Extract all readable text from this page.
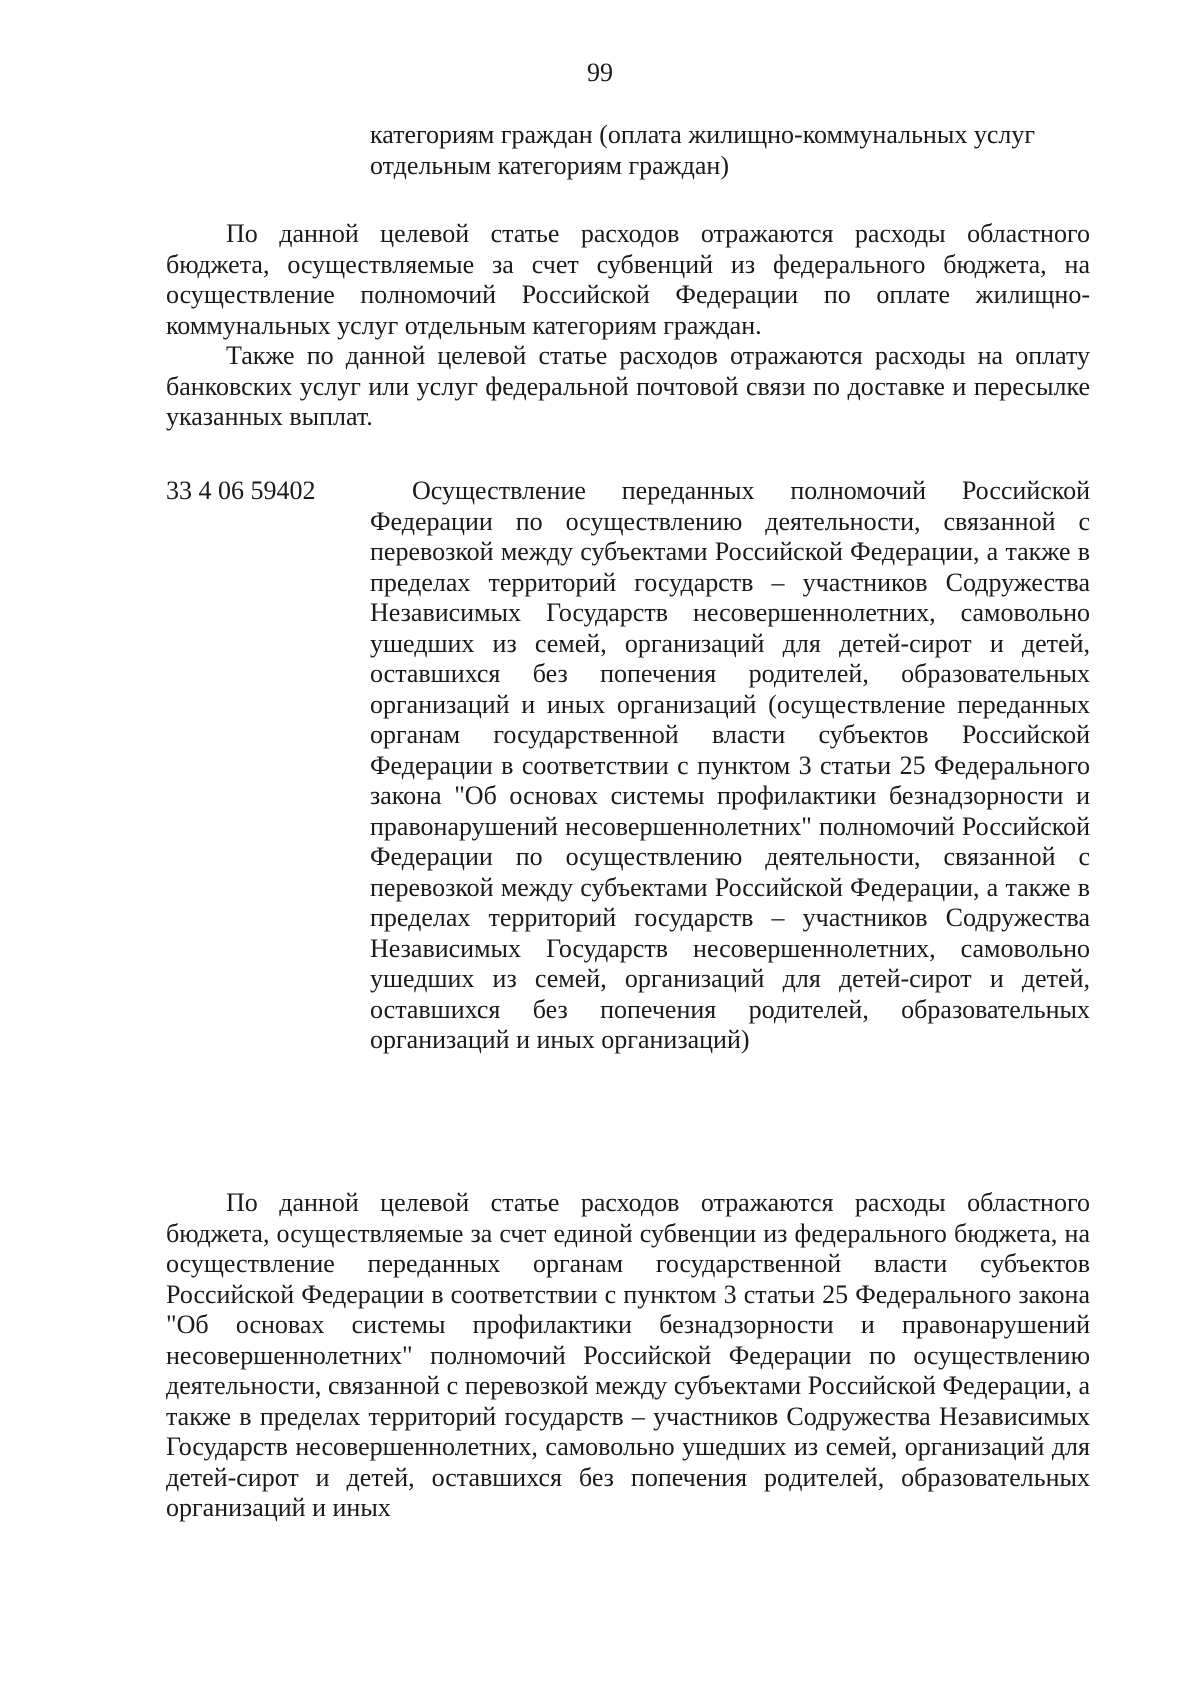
99

категориям граждан (оплата жилищно-коммунальных услуг отдельным категориям граждан)

По данной целевой статье расходов отражаются расходы областного бюджета, осуществляемые за счет субвенций из федерального бюджета, на осуществление полномочий Российской Федерации по оплате жилищно-коммунальных услуг отдельным категориям граждан.

Также по данной целевой статье расходов отражаются расходы на оплату банковских услуг или услуг федеральной почтовой связи по доставке и пересылке указанных выплат.

33 4 06 59402	Осуществление переданных полномочий Российской Федерации по осуществлению деятельности, связанной с перевозкой между субъектами Российской Федерации, а также в пределах территорий государств – участников Содружества Независимых Государств несовершеннолетних, самовольно ушедших из семей, организаций для детей-сирот и детей, оставшихся без попечения родителей, образовательных организаций и иных организаций (осуществление переданных органам государственной власти субъектов Российской Федерации в соответствии с пунктом 3 статьи 25 Федерального закона "Об основах системы профилактики безнадзорности и правонарушений несовершеннолетних" полномочий Российской Федерации по осуществлению деятельности, связанной с перевозкой между субъектами Российской Федерации, а также в пределах территорий государств – участников Содружества Независимых Государств несовершеннолетних, самовольно ушедших из семей, организаций для детей-сирот и детей, оставшихся без попечения родителей, образовательных организаций и иных организаций)

По данной целевой статье расходов отражаются расходы областного бюджета, осуществляемые за счет единой субвенции из федерального бюджета, на осуществление переданных органам государственной власти субъектов Российской Федерации в соответствии с пунктом 3 статьи 25 Федерального закона "Об основах системы профилактики безнадзорности и правонарушений несовершеннолетних" полномочий Российской Федерации по осуществлению деятельности, связанной с перевозкой между субъектами Российской Федерации, а также в пределах территорий государств – участников Содружества Независимых Государств несовершеннолетних, самовольно ушедших из семей, организаций для детей-сирот и детей, оставшихся без попечения родителей, образовательных организаций и иных
